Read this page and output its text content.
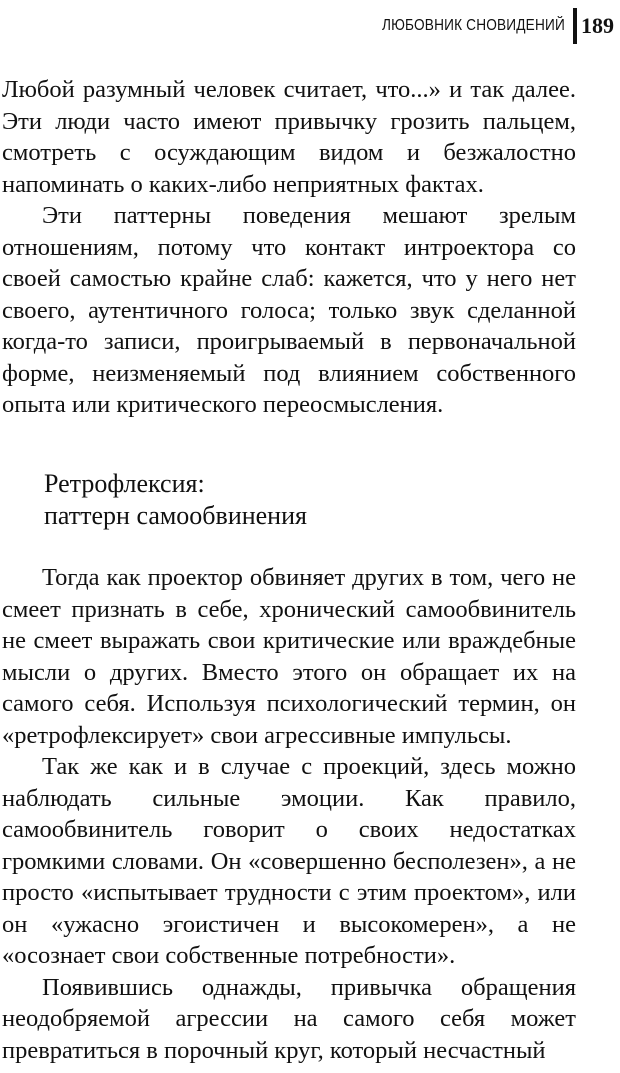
ЛЮБОВНИК СНОВИДЕНИЙ 189

Любой разумный человек считает, что...» и так далее. Эти люди часто имеют привычку грозить пальцем, смотреть с осуждающим видом и безжалостно напоминать о каких-либо неприятных фактах.

Эти паттерны поведения мешают зрелым отношениям, потому что контакт интроектора со своей самостью крайне слаб: кажется, что у него нет своего, аутентичного голоса; только звук сделанной когда-то записи, проигрываемый в первоначальной форме, неизменяемый под влиянием собственного опыта или критического переосмысления.

Ретрофлексия:
паттерн самообвинения

Тогда как проектор обвиняет других в том, чего не смеет признать в себе, хронический самообвинитель не смеет выражать свои критические или враждебные мысли о других. Вместо этого он обращает их на самого себя. Используя психологический термин, он «ретрофлексирует» свои агрессивные импульсы.

Так же как и в случае с проекций, здесь можно наблюдать сильные эмоции. Как правило, самообвинитель говорит о своих недостатках громкими словами. Он «совершенно бесполезен», а не просто «испытывает трудности с этим проектом», или он «ужасно эгоистичен и высокомерен», а не «осознает свои собственные потребности».

Появившись однажды, привычка обращения неодобряемой агрессии на самого себя может превратиться в порочный круг, который несчастный
